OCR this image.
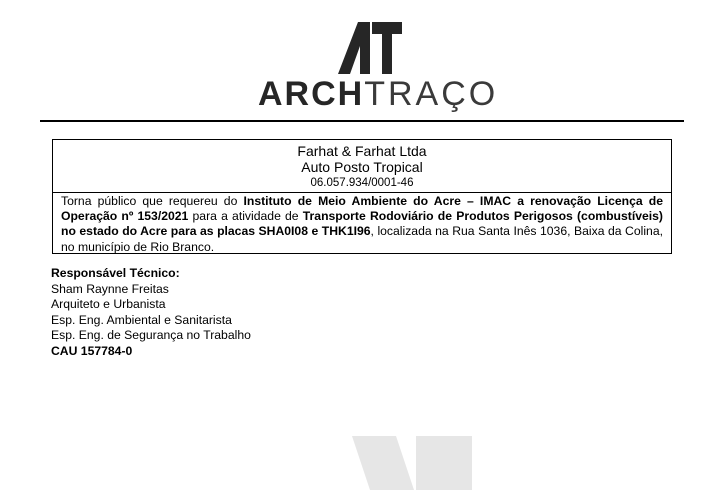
ARCHTRAÇO
Farhat & Farhat Ltda
Auto Posto Tropical
06.057.934/0001-46
Torna público que requereu do Instituto de Meio Ambiente do Acre – IMAC a renovação Licença de Operação nº 153/2021 para a atividade de Transporte Rodoviário de Produtos Perigosos (combustíveis) no estado do Acre para as placas SHA0I08 e THK1I96, localizada na Rua Santa Inês 1036, Baixa da Colina, no município de Rio Branco.
Responsável Técnico:
Sham Raynne Freitas
Arquiteto e Urbanista
Esp. Eng. Ambiental e Sanitarista
Esp. Eng. de Segurança no Trabalho
CAU 157784-0
